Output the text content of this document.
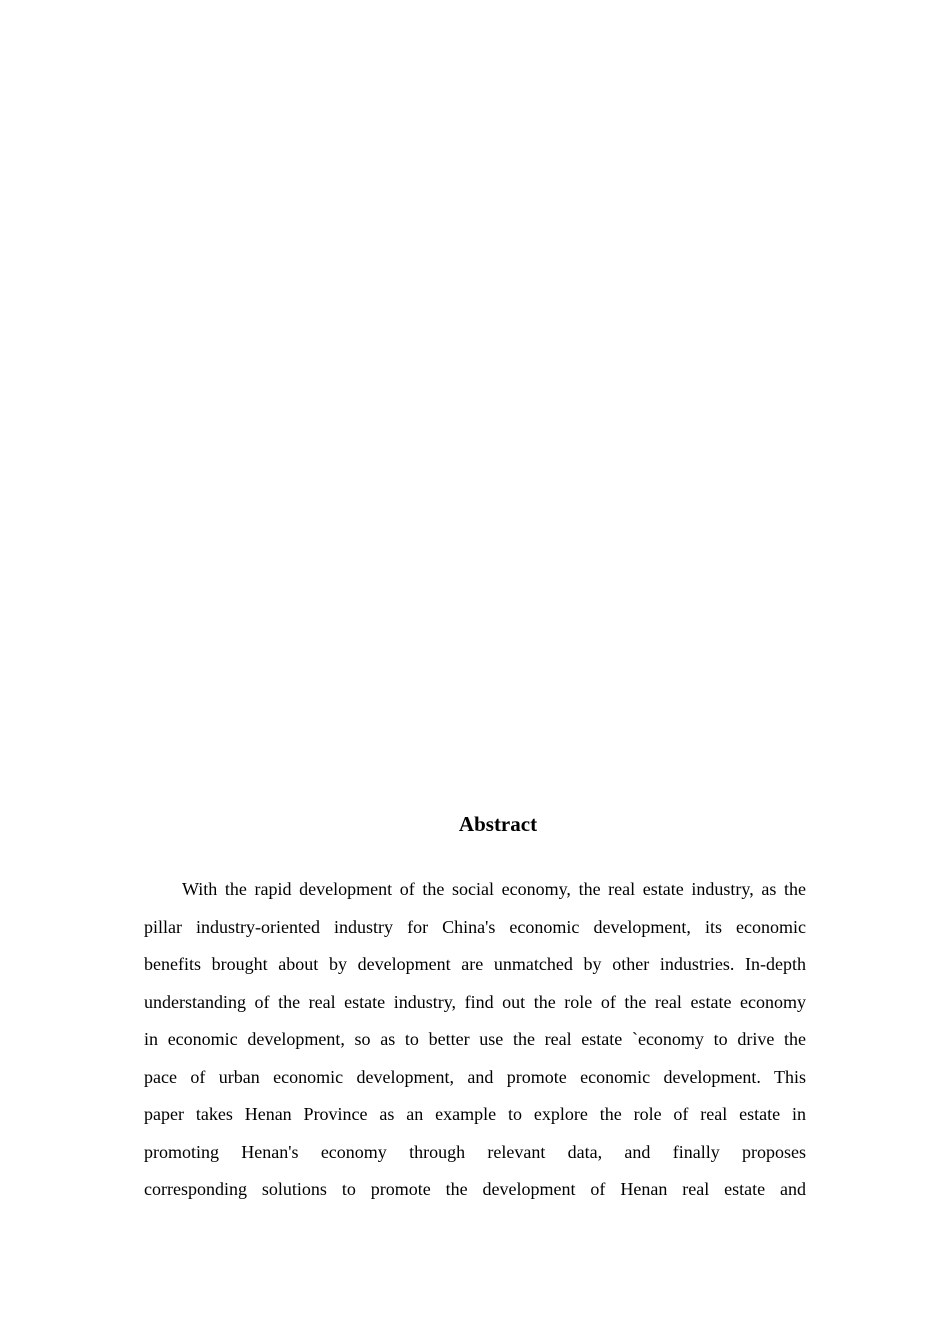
Abstract
With the rapid development of the social economy, the real estate industry, as the
pillar industry-oriented industry for China's economic development, its economic
benefits brought about by development are unmatched by other industries. In-depth
understanding of the real estate industry, find out the role of the real estate economy
in economic development, so as to better use the real estate `economy to drive the
pace of urban economic development, and promote economic development. This
paper takes Henan Province as an example to explore the role of real estate in
promoting Henan's economy through relevant data, and finally proposes
corresponding solutions to promote the development of Henan real estate and
